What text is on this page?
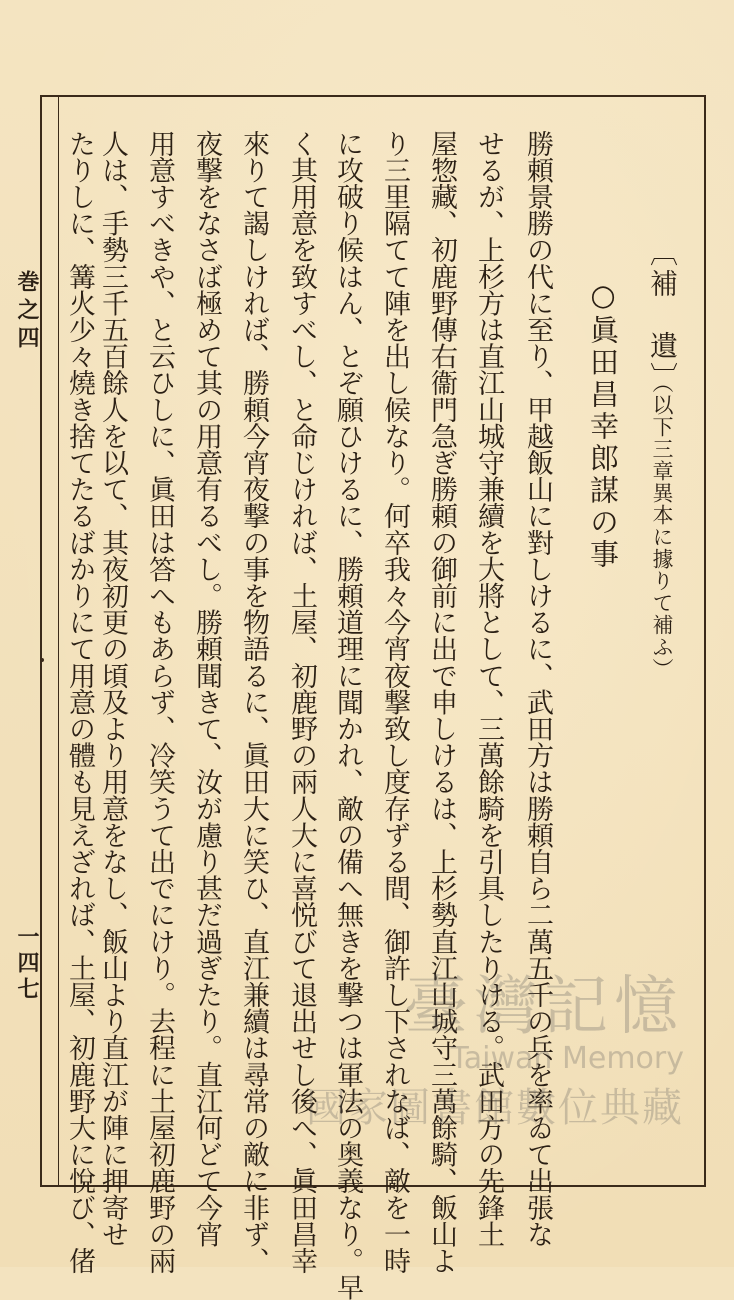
巻之四
一四七
〔補　遺〕
（以下三章異本に據りて補ふ）
○眞田昌幸郎謀の事
勝頼景勝の代に至り、甲越飯山に對しけるに、武田方は勝頼自ら二萬五千の兵を率ゐて出張な
せるが、上杉方は直江山城守兼續を大將として、三萬餘騎を引具したりける。武田方の先鋒土
屋惣藏、初鹿野傳右衞門急ぎ勝頼の御前に出で申しけるは、上杉勢直江山城守三萬餘騎、飯山よ
り三里隔てて陣を出し候なり。何卒我々今宵夜撃致し度存ずる間、御許し下されなば、敵を一時
に攻破り候はん、とぞ願ひけるに、勝頼道理に聞かれ、敵の備へ無きを撃つは軍法の奥義なり。早
く其用意を致すべし、と命じければ、土屋、初鹿野の兩人大に喜悦びて退出せし後へ、眞田昌幸
來りて謁しければ、勝頼今宵夜撃の事を物語るに、眞田大に笑ひ、直江兼續は尋常の敵に非ず、
夜撃をなさば極めて其の用意有るべし。勝頼聞きて、汝が慮り甚だ過ぎたり。直江何どて今宵
用意すべきや、と云ひしに、眞田は答へもあらず、冷笑うて出でにけり。去程に土屋初鹿野の兩
人は、手勢三千五百餘人を以て、其夜初更の頃及より用意をなし、飯山より直江が陣に押寄せ
たりしに、篝火少々燒き捨てたるばかりにて用意の體も見えざれば、土屋、初鹿野大に悅び、偖	臺灣記憶
Taiwan Memory
國家圖書館數位典藏
